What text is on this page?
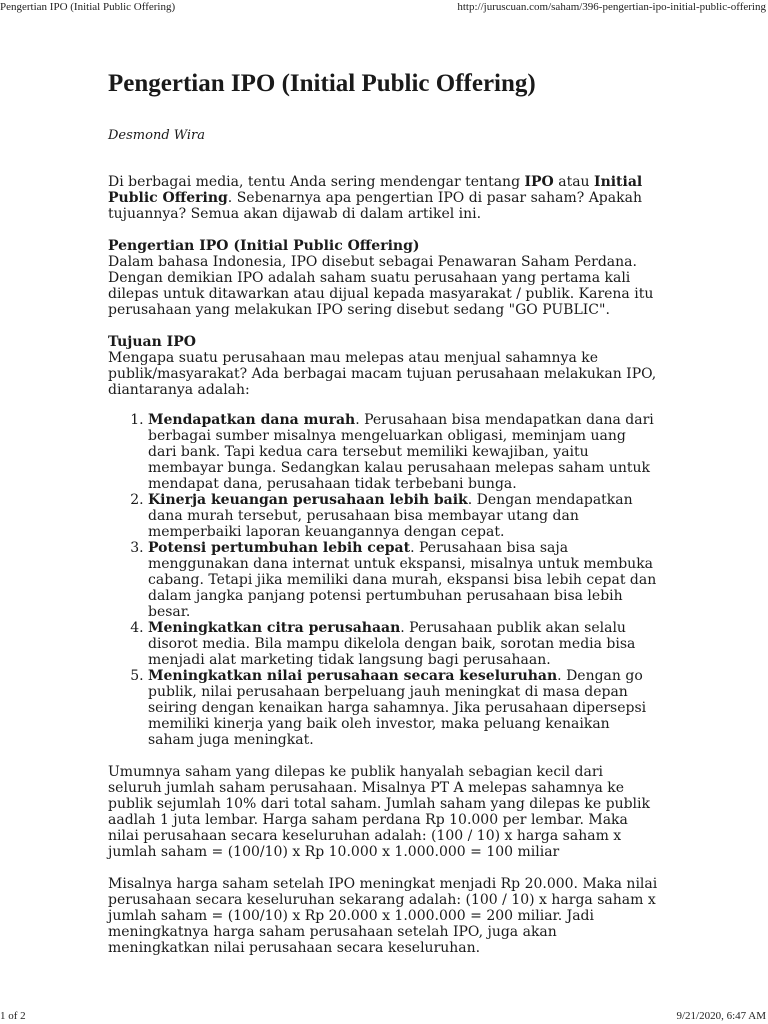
Pengertian IPO (Initial Public Offering)	http://juruscuan.com/saham/396-pengertian-ipo-initial-public-offering
Pengertian IPO (Initial Public Offering)
Desmond Wira

Di berbagai media, tentu Anda sering mendengar tentang IPO atau Initial Public Offering. Sebenarnya apa pengertian IPO di pasar saham? Apakah tujuannya? Semua akan dijawab di dalam artikel ini.

Pengertian IPO (Initial Public Offering)

Dalam bahasa Indonesia, IPO disebut sebagai Penawaran Saham Perdana. Dengan demikian IPO adalah saham suatu perusahaan yang pertama kali dilepas untuk ditawarkan atau dijual kepada masyarakat / publik. Karena itu perusahaan yang melakukan IPO sering disebut sedang "GO PUBLIC".

Tujuan IPO

Mengapa suatu perusahaan mau melepas atau menjual sahamnya ke publik/masyarakat? Ada berbagai macam tujuan perusahaan melakukan IPO, diantaranya adalah:

1. Mendapatkan dana murah. Perusahaan bisa mendapatkan dana dari berbagai sumber misalnya mengeluarkan obligasi, meminjam uang dari bank. Tapi kedua cara tersebut memiliki kewajiban, yaitu membayar bunga. Sedangkan kalau perusahaan melepas saham untuk mendapat dana, perusahaan tidak terbebani bunga.
2. Kinerja keuangan perusahaan lebih baik. Dengan mendapatkan dana murah tersebut, perusahaan bisa membayar utang dan memperbaiki laporan keuangannya dengan cepat.
3. Potensi pertumbuhan lebih cepat. Perusahaan bisa saja menggunakan dana internat untuk ekspansi, misalnya untuk membuka cabang. Tetapi jika memiliki dana murah, ekspansi bisa lebih cepat dan dalam jangka panjang potensi pertumbuhan perusahaan bisa lebih besar.
4. Meningkatkan citra perusahaan. Perusahaan publik akan selalu disorot media. Bila mampu dikelola dengan baik, sorotan media bisa menjadi alat marketing tidak langsung bagi perusahaan.
5. Meningkatkan nilai perusahaan secara keseluruhan. Dengan go publik, nilai perusahaan berpeluang jauh meningkat di masa depan seiring dengan kenaikan harga sahamnya. Jika perusahaan dipersepsi memiliki kinerja yang baik oleh investor, maka peluang kenaikan saham juga meningkat.

Umumnya saham yang dilepas ke publik hanyalah sebagian kecil dari seluruh jumlah saham perusahaan. Misalnya PT A melepas sahamnya ke publik sejumlah 10% dari total saham. Jumlah saham yang dilepas ke publik aadlah 1 juta lembar. Harga saham perdana Rp 10.000 per lembar. Maka nilai perusahaan secara keseluruhan adalah: (100 / 10) x harga saham x jumlah saham = (100/10) x Rp 10.000 x 1.000.000 = 100 miliar

Misalnya harga saham setelah IPO meningkat menjadi Rp 20.000. Maka nilai perusahaan secara keseluruhan sekarang adalah: (100 / 10) x harga saham x jumlah saham = (100/10) x Rp 20.000 x 1.000.000 = 200 miliar. Jadi meningkatnya harga saham perusahaan setelah IPO, juga akan meningkatkan nilai perusahaan secara keseluruhan.

1 of 2	9/21/2020, 6:47 AM
